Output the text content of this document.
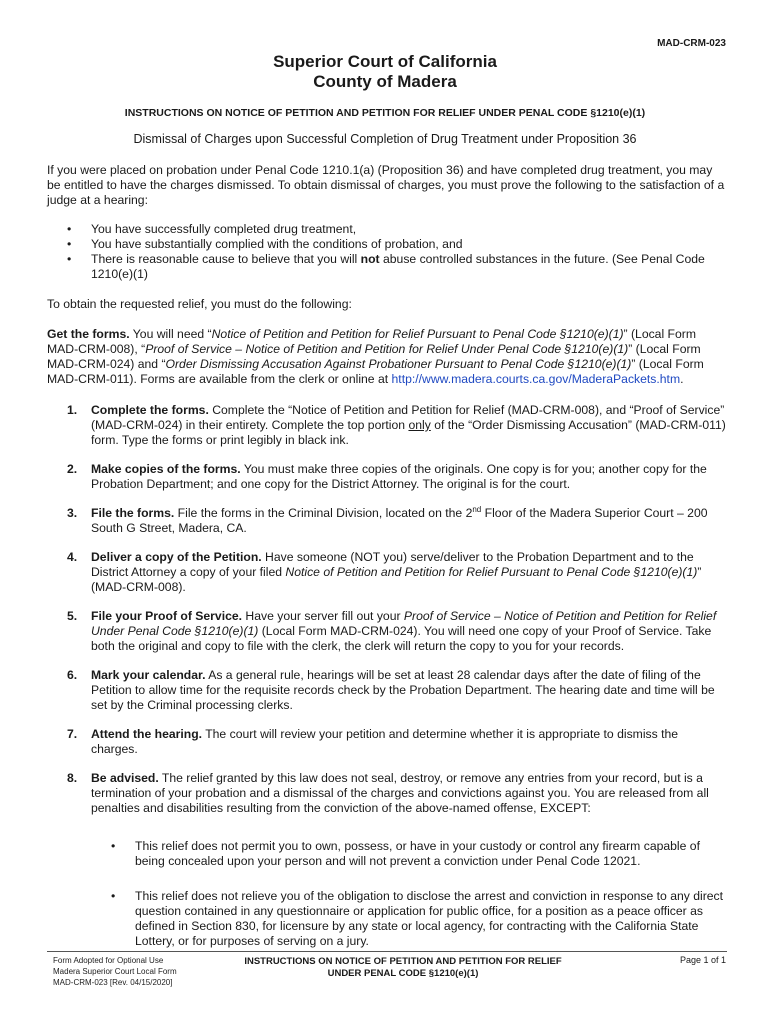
MAD-CRM-023
Superior Court of California
County of Madera
INSTRUCTIONS ON NOTICE OF PETITION AND PETITION FOR RELIEF UNDER PENAL CODE §1210(e)(1)
Dismissal of Charges upon Successful Completion of Drug Treatment under Proposition 36

If you were placed on probation under Penal Code 1210.1(a) (Proposition 36) and have completed drug treatment, you may be entitled to have the charges dismissed. To obtain dismissal of charges, you must prove the following to the satisfaction of a judge at a hearing:

• You have successfully completed drug treatment,
• You have substantially complied with the conditions of probation, and
• There is reasonable cause to believe that you will not abuse controlled substances in the future. (See Penal Code 1210(e)(1)

To obtain the requested relief, you must do the following:

Get the forms. You will need “Notice of Petition and Petition for Relief Pursuant to Penal Code §1210(e)(1)” (Local Form MAD-CRM-008), “Proof of Service – Notice of Petition and Petition for Relief Under Penal Code §1210(e)(1)” (Local Form MAD-CRM-024) and “Order Dismissing Accusation Against Probationer Pursuant to Penal Code §1210(e)(1)” (Local Form MAD-CRM-011). Forms are available from the clerk or online at http://www.madera.courts.ca.gov/MaderaPackets.htm.

1. Complete the forms. Complete the “Notice of Petition and Petition for Relief (MAD-CRM-008), and “Proof of Service” (MAD-CRM-024) in their entirety. Complete the top portion only of the “Order Dismissing Accusation” (MAD-CRM-011) form. Type the forms or print legibly in black ink.
2. Make copies of the forms. You must make three copies of the originals. One copy is for you; another copy for the Probation Department; and one copy for the District Attorney. The original is for the court.
3. File the forms. File the forms in the Criminal Division, located on the 2nd Floor of the Madera Superior Court – 200 South G Street, Madera, CA.
4. Deliver a copy of the Petition. Have someone (NOT you) serve/deliver to the Probation Department and to the District Attorney a copy of your filed Notice of Petition and Petition for Relief Pursuant to Penal Code §1210(e)(1)” (MAD-CRM-008).
5. File your Proof of Service. Have your server fill out your Proof of Service – Notice of Petition and Petition for Relief Under Penal Code §1210(e)(1) (Local Form MAD-CRM-024). You will need one copy of your Proof of Service. Take both the original and copy to file with the clerk, the clerk will return the copy to you for your records.
6. Mark your calendar. As a general rule, hearings will be set at least 28 calendar days after the date of filing of the Petition to allow time for the requisite records check by the Probation Department. The hearing date and time will be set by the Criminal processing clerks.
7. Attend the hearing. The court will review your petition and determine whether it is appropriate to dismiss the charges.
8. Be advised. The relief granted by this law does not seal, destroy, or remove any entries from your record, but is a termination of your probation and a dismissal of the charges and convictions against you. You are released from all penalties and disabilities resulting from the conviction of the above-named offense, EXCEPT:
• This relief does not permit you to own, possess, or have in your custody or control any firearm capable of being concealed upon your person and will not prevent a conviction under Penal Code 12021.
• This relief does not relieve you of the obligation to disclose the arrest and conviction in response to any direct question contained in any questionnaire or application for public office, for a position as a peace officer as defined in Section 830, for licensure by any state or local agency, for contracting with the California State Lottery, or for purposes of serving on a jury.
Form Adopted for Optional Use
Madera Superior Court Local Form
MAD-CRM-023 [Rev. 04/15/2020]
INSTRUCTIONS ON NOTICE OF PETITION AND PETITION FOR RELIEF
UNDER PENAL CODE §1210(e)(1)
Page 1 of 1
